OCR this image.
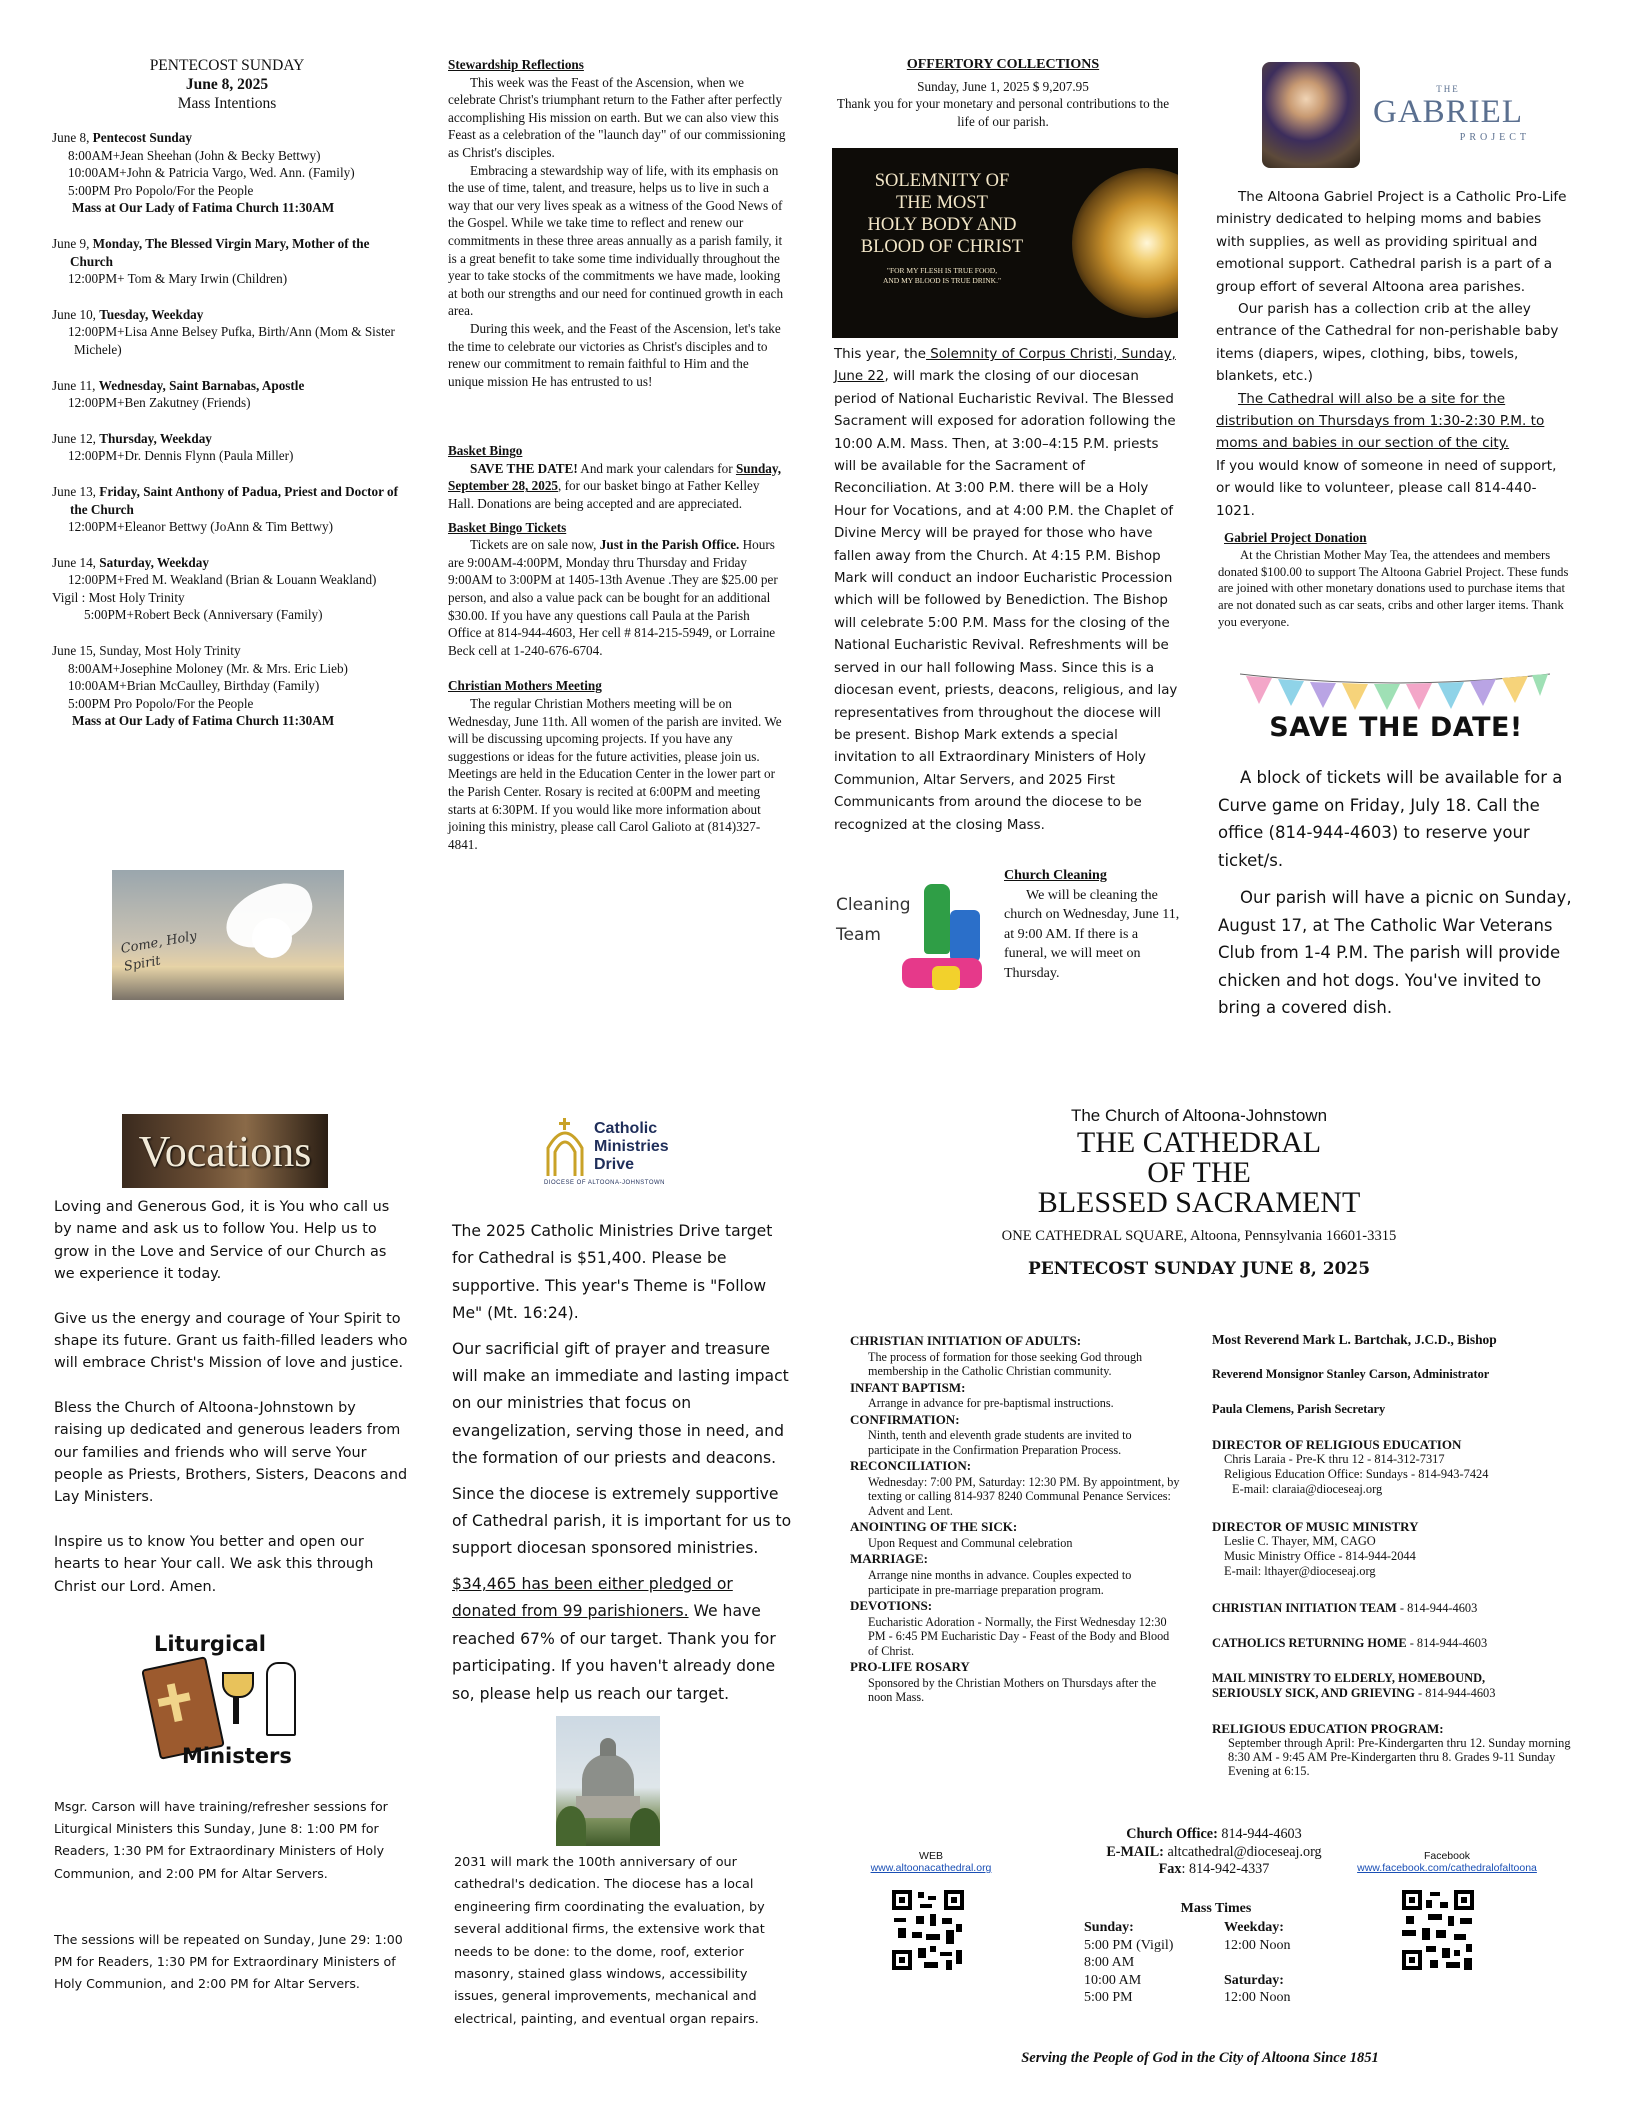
PENTECOST SUNDAY
June 8, 2025
Mass Intentions
June 8, Pentecost Sunday
8:00AM+Jean Sheehan (John & Becky Bettwy)
10:00AM+John & Patricia Vargo, Wed. Ann. (Family)
5:00PM Pro Popolo/For the People
Mass at Our Lady of Fatima Church 11:30AM
June 9, Monday, The Blessed Virgin Mary, Mother of the Church
12:00PM+ Tom & Mary Irwin (Children)
June 10, Tuesday, Weekday
12:00PM+Lisa Anne Belsey Pufka, Birth/Ann (Mom & Sister Michele)
June 11, Wednesday, Saint Barnabas, Apostle
12:00PM+Ben Zakutney (Friends)
June 12, Thursday, Weekday
12:00PM+Dr. Dennis Flynn (Paula Miller)
June 13, Friday, Saint Anthony of Padua, Priest and Doctor of the Church
12:00PM+Eleanor Bettwy (JoAnn & Tim Bettwy)
June 14, Saturday, Weekday
12:00PM+Fred M. Weakland (Brian & Louann Weakland)
Vigil : Most Holy Trinity
5:00PM+Robert Beck (Anniversary (Family)
June 15, Sunday, Most Holy Trinity
8:00AM+Josephine Moloney (Mr. & Mrs. Eric Lieb)
10:00AM+Brian McCaulley, Birthday (Family)
5:00PM Pro Popolo/For the People
Mass at Our Lady of Fatima Church 11:30AM
Come, Holy Spirit
Stewardship Reflections

This week was the Feast of the Ascension, when we celebrate Christ's triumphant return to the Father after perfectly accomplishing His mission on earth. But we can also view this Feast as a celebration of the "launch day" of our commissioning as Christ's disciples.

Embracing a stewardship way of life, with its emphasis on the use of time, talent, and treasure, helps us to live in such a way that our very lives speak as a witness of the Good News of the Gospel. While we take time to reflect and renew our commitments in these three areas annually as a parish family, it is a great benefit to take some time individually throughout the year to take stocks of the commitments we have made, looking at both our strengths and our need for continued growth in each area.

During this week, and the Feast of the Ascension, let's take the time to celebrate our victories as Christ's disciples and to renew our commitment to remain faithful to Him and the unique mission He has entrusted to us!

Basket Bingo

SAVE THE DATE! And mark your calendars for Sunday, September 28, 2025, for our basket bingo at Father Kelley Hall. Donations are being accepted and are appreciated.

Basket Bingo Tickets

Tickets are on sale now, Just in the Parish Office. Hours are 9:00AM-4:00PM, Monday thru Thursday and Friday 9:00AM to 3:00PM at 1405-13th Avenue .They are $25.00 per person, and also a value pack can be bought for an additional $30.00. If you have any questions call Paula at the Parish Office at 814-944-4603, Her cell # 814-215-5949, or Lorraine Beck cell at 1-240-676-6704.

Christian Mothers Meeting

The regular Christian Mothers meeting will be on Wednesday, June 11th. All women of the parish are invited. We will be discussing upcoming projects. If you have any suggestions or ideas for the future activities, please join us. Meetings are held in the Education Center in the lower part or the Parish Center. Rosary is recited at 6:00PM and meeting starts at 6:30PM. If you would like more information about joining this ministry, please call Carol Galioto at (814)327-4841.

OFFERTORY COLLECTIONS
Sunday, June 1, 2025 $ 9,207.95
Thank you for your monetary and personal contributions to the life of our parish.
SOLEMNITY OF
THE MOST
HOLY BODY AND
BLOOD OF CHRIST
"FOR MY FLESH IS TRUE FOOD,
AND MY BLOOD IS TRUE DRINK."
This year, the Solemnity of Corpus Christi, Sunday, June 22, will mark the closing of our diocesan period of National Eucharistic Revival. The Blessed Sacrament will exposed for adoration following the 10:00 A.M. Mass. Then, at 3:00–4:15 P.M. priests will be available for the Sacrament of Reconciliation. At 3:00 P.M. there will be a Holy Hour for Vocations, and at 4:00 P.M. the Chaplet of Divine Mercy will be prayed for those who have fallen away from the Church. At 4:15 P.M. Bishop Mark will conduct an indoor Eucharistic Procession which will be followed by Benediction. The Bishop will celebrate 5:00 P.M. Mass for the closing of the National Eucharistic Revival. Refreshments will be served in our hall following Mass. Since this is a diocesan event, priests, deacons, religious, and lay representatives from throughout the diocese will be present. Bishop Mark extends a special invitation to all Extraordinary Ministers of Holy Communion, Altar Servers, and 2025 First Communicants from around the diocese to be recognized at the closing Mass.
Cleaning
Team
Church Cleaning

We will be cleaning the church on Wednesday, June 11, at 9:00 AM. If there is a funeral, we will meet on Thursday.

THE
GABRIEL
PROJECT

The Altoona Gabriel Project is a Catholic Pro-Life ministry dedicated to helping moms and babies with supplies, as well as providing spiritual and emotional support. Cathedral parish is a part of a group effort of several Altoona area parishes.

Our parish has a collection crib at the alley entrance of the Cathedral for non-perishable baby items (diapers, wipes, clothing, bibs, towels, blankets, etc.)

The Cathedral will also be a site for the distribution on Thursdays from 1:30-2:30 P.M. to moms and babies in our section of the city.

If you would know of someone in need of support, or would like to volunteer, please call 814-440-1021.

Gabriel Project Donation

At the Christian Mother May Tea, the attendees and members donated $100.00 to support The Altoona Gabriel Project. These funds are joined with other monetary donations used to purchase items that are not donated such as car seats, cribs and other larger items. Thank you everyone.

SAVE THE DATE!

A block of tickets will be available for a Curve game on Friday, July 18. Call the office (814-944-4603) to reserve your ticket/s.

Our parish will have a picnic on Sunday, August 17, at The Catholic War Veterans Club from 1-4 P.M. The parish will provide chicken and hot dogs. You've invited to bring a covered dish.

Vocations

Loving and Generous God, it is You who call us by name and ask us to follow You. Help us to grow in the Love and Service of our Church as we experience it today.

Give us the energy and courage of Your Spirit to shape its future. Grant us faith-filled leaders who will embrace Christ's Mission of love and justice.

Bless the Church of Altoona-Johnstown by raising up dedicated and generous leaders from our families and friends who will serve Your people as Priests, Brothers, Sisters, Deacons and Lay Ministers.

Inspire us to know You better and open our hearts to hear Your call. We ask this through Christ our Lord. Amen.

Liturgical
Ministers

Msgr. Carson will have training/refresher sessions for Liturgical Ministers this Sunday, June 8: 1:00 PM for Readers, 1:30 PM for Extraordinary Ministers of Holy Communion, and 2:00 PM for Altar Servers.

The sessions will be repeated on Sunday, June 29: 1:00 PM for Readers, 1:30 PM for Extraordinary Ministers of Holy Communion, and 2:00 PM for Altar Servers.

Catholic
Ministries
Drive
DIOCESE OF ALTOONA-JOHNSTOWN

The 2025 Catholic Ministries Drive target for Cathedral is $51,400. Please be supportive. This year's Theme is "Follow Me" (Mt. 16:24).

Our sacrificial gift of prayer and treasure will make an immediate and lasting impact on our ministries that focus on evangelization, serving those in need, and the formation of our priests and deacons.

Since the diocese is extremely supportive of Cathedral parish, it is important for us to support diocesan sponsored ministries.

$34,465 has been either pledged or donated from 99 parishioners. We have reached 67% of our target. Thank you for participating. If you haven't already done so, please help us reach our target.

2031 will mark the 100th anniversary of our cathedral's dedication. The diocese has a local engineering firm coordinating the evaluation, by several additional firms, the extensive work that needs to be done: to the dome, roof, exterior masonry, stained glass windows, accessibility issues, general improvements, mechanical and electrical, painting, and eventual organ repairs.

The Church of Altoona-Johnstown
THE CATHEDRAL
OF THE
BLESSED SACRAMENT
ONE CATHEDRAL SQUARE, Altoona, Pennsylvania 16601-3315
PENTECOST SUNDAY JUNE 8, 2025
CHRISTIAN INITIATION OF ADULTS:
The process of formation for those seeking God through membership in the Catholic Christian community.
INFANT BAPTISM:
Arrange in advance for pre-baptismal instructions.
CONFIRMATION:
Ninth, tenth and eleventh grade students are invited to participate in the Confirmation Preparation Process.
RECONCILIATION:
Wednesday: 7:00 PM, Saturday: 12:30 PM. By appointment, by texting or calling 814-937 8240 Communal Penance Services: Advent and Lent.
ANOINTING OF THE SICK:
Upon Request and Communal celebration
MARRIAGE:
Arrange nine months in advance. Couples expected to participate in pre-marriage preparation program.
DEVOTIONS:
Eucharistic Adoration - Normally, the First Wednesday 12:30 PM - 6:45 PM Eucharistic Day - Feast of the Body and Blood of Christ.
PRO-LIFE ROSARY
Sponsored by the Christian Mothers on Thursdays after the noon Mass.
Most Reverend Mark L. Bartchak, J.C.D., Bishop
Reverend Monsignor Stanley Carson, Administrator
Paula Clemens, Parish Secretary
DIRECTOR OF RELIGIOUS EDUCATION
Chris Laraia - Pre-K thru 12 - 814-312-7317
Religious Education Office: Sundays - 814-943-7424
E-mail: claraia@dioceseaj.org
DIRECTOR OF MUSIC MINISTRY
Leslie C. Thayer, MM, CAGO
Music Ministry Office - 814-944-2044
E-mail: lthayer@dioceseaj.org
CHRISTIAN INITIATION TEAM - 814-944-4603
CATHOLICS RETURNING HOME - 814-944-4603
MAIL MINISTRY TO ELDERLY, HOMEBOUND,
SERIOUSLY SICK, AND GRIEVING - 814-944-4603
RELIGIOUS EDUCATION PROGRAM:
September through April: Pre-Kindergarten thru 12. Sunday morning 8:30 AM - 9:45 AM Pre-Kindergarten thru 8. Grades 9-11 Sunday Evening at 6:15.
Church Office: 814-944-4603
E-MAIL: altcathedral@dioceseaj.org
Fax: 814-942-4337
WEB
www.altoonacathedral.org
Facebook
www.facebook.com/cathedralofaltoona
Mass Times
Sunday:
5:00 PM (Vigil)
8:00 AM
10:00 AM
5:00 PM
Weekday:
12:00 Noon
Saturday:
12:00 Noon
Serving the People of God in the City of Altoona Since 1851
